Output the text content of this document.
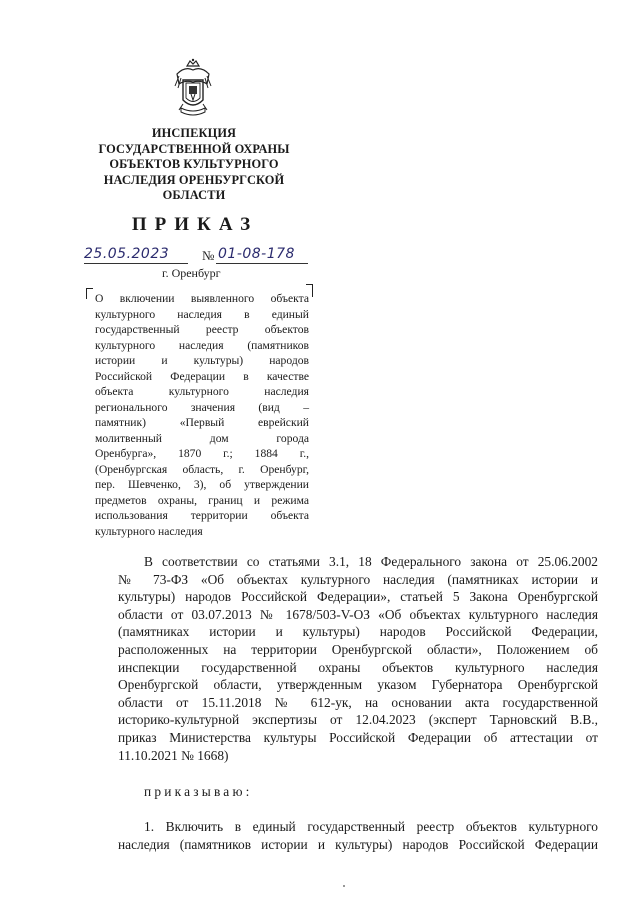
ИНСПЕКЦИЯ
ГОСУДАРСТВЕННОЙ ОХРАНЫ
ОБЪЕКТОВ КУЛЬТУРНОГО
НАСЛЕДИЯ ОРЕНБУРГСКОЙ
ОБЛАСТИ
ПРИКАЗ
25.05.2023	№ 01-08-178
г. Оренбург
О включении выявленного объекта
культурного наследия в единый
государственный реестр объектов
культурного наследия (памятников
истории и культуры) народов
Российской Федерации в качестве
объекта культурного наследия
регионального значения (вид –
памятник) «Первый еврейский
молитвенный дом города
Оренбурга», 1870 г.; 1884 г.,
(Оренбургская область, г. Оренбург,
пер. Шевченко, 3), об утверждении
предметов охраны, границ и режима
использования территории объекта
культурного наследия
В соответствии со статьями 3.1, 18 Федерального закона от 25.06.2002
№ 73-ФЗ «Об объектах культурного наследия (памятниках истории и
культуры) народов Российской Федерации», статьей 5 Закона Оренбургской
области от 03.07.2013 № 1678/503-V-ОЗ «Об объектах культурного наследия
(памятниках истории и культуры) народов Российской Федерации,
расположенных на территории Оренбургской области», Положением об
инспекции государственной охраны объектов культурного наследия
Оренбургской области, утвержденным указом Губернатора Оренбургской
области от 15.11.2018 № 612-ук, на основании акта государственной
историко-культурной экспертизы от 12.04.2023 (эксперт Тарновский В.В.,
приказ Министерства культуры Российской Федерации об аттестации от
11.10.2021 № 1668)
приказываю:
1. Включить в единый государственный реестр объектов культурного
наследия (памятников истории и культуры) народов Российской Федерации
